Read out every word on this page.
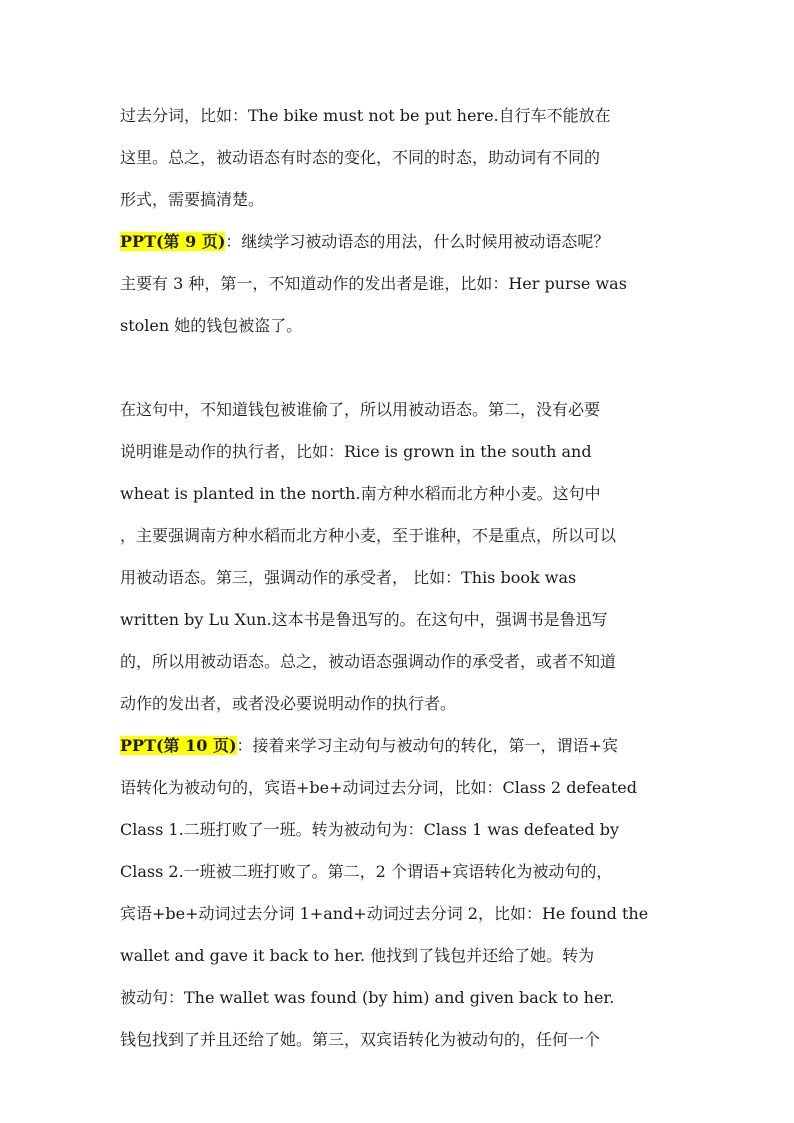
过去分词，比如：The bike must not be put here.自行车不能放在
这里。总之，被动语态有时态的变化，不同的时态，助动词有不同的
形式，需要搞清楚。
PPT(第 9 页)：继续学习被动语态的用法，什么时候用被动语态呢？
主要有 3 种，第一，不知道动作的发出者是谁，比如：Her purse was
stolen 她的钱包被盗了。
在这句中，不知道钱包被谁偷了，所以用被动语态。第二，没有必要
说明谁是动作的执行者，比如：Rice is grown in the south and
wheat is planted in the north.南方种水稻而北方种小麦。这句中
，主要强调南方种水稻而北方种小麦，至于谁种，不是重点，所以可以
用被动语态。第三，强调动作的承受者， 比如：This book was
written by Lu Xun.这本书是鲁迅写的。在这句中，强调书是鲁迅写
的，所以用被动语态。总之，被动语态强调动作的承受者，或者不知道
动作的发出者，或者没必要说明动作的执行者。
PPT(第 10 页)：接着来学习主动句与被动句的转化，第一，谓语+宾
语转化为被动句的，宾语+be+动词过去分词，比如：Class 2 defeated
Class 1.二班打败了一班。转为被动句为：Class 1 was defeated by
Class 2.一班被二班打败了。第二，2 个谓语+宾语转化为被动句的，
宾语+be+动词过去分词 1+and+动词过去分词 2，比如：He found the
wallet and gave it back to her. 他找到了钱包并还给了她。转为
被动句：The wallet was found (by him) and given back to her.
钱包找到了并且还给了她。第三，双宾语转化为被动句的，任何一个
